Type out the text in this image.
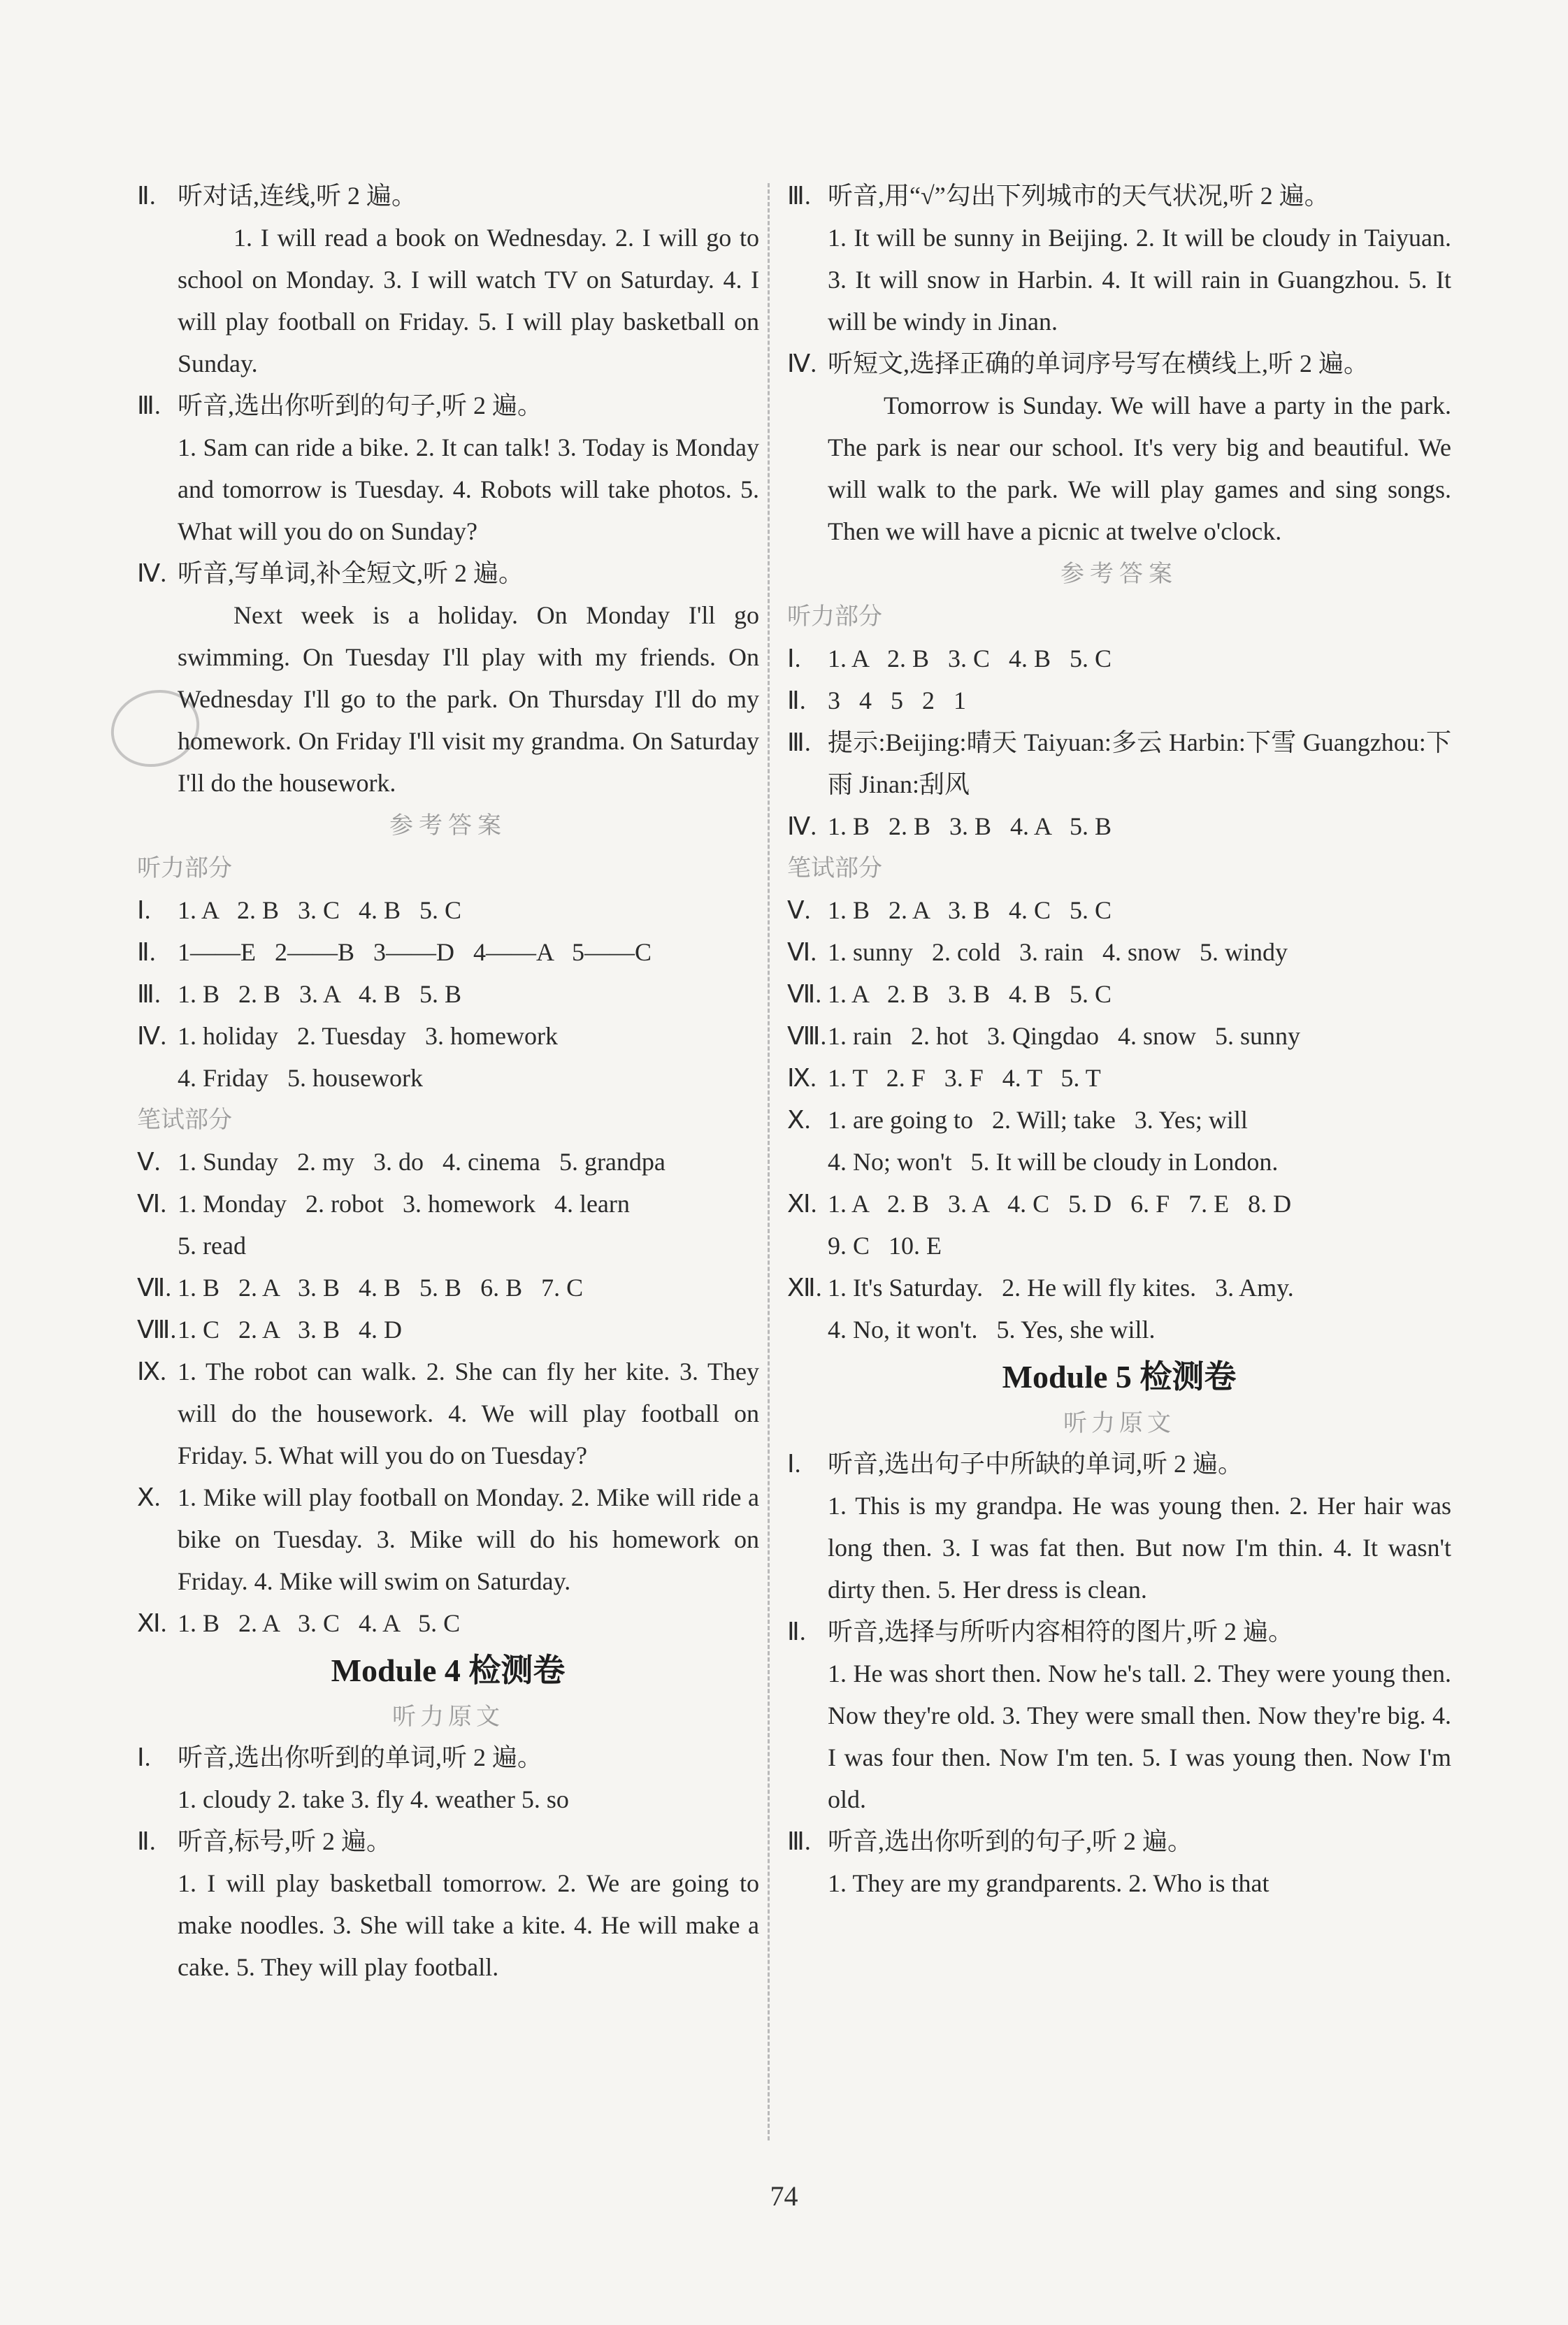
Ⅱ. 听对话,连线,听 2 遍。
1. I will read a book on Wednesday. 2. I will go to school on Monday. 3. I will watch TV on Saturday. 4. I will play football on Friday. 5. I will play basketball on Sunday.
Ⅲ. 听音,选出你听到的句子,听 2 遍。
1. Sam can ride a bike. 2. It can talk! 3. Today is Monday and tomorrow is Tuesday. 4. Robots will take photos. 5. What will you do on Sunday?
Ⅳ. 听音,写单词,补全短文,听 2 遍。
Next week is a holiday. On Monday I'll go swimming. On Tuesday I'll play with my friends. On Wednesday I'll go to the park. On Thursday I'll do my homework. On Friday I'll visit my grandma. On Saturday I'll do the housework.
参考答案
听力部分
Ⅰ. 1. A   2. B   3. C   4. B   5. C
Ⅱ. 1——E   2——B   3——D   4——A   5——C
Ⅲ. 1. B   2. B   3. A   4. B   5. B
Ⅳ. 1. holiday   2. Tuesday   3. homework
4. Friday   5. housework
笔试部分
Ⅴ. 1. Sunday   2. my   3. do   4. cinema   5. grandpa
Ⅵ. 1. Monday   2. robot   3. homework   4. learn
5. read
Ⅶ. 1. B   2. A   3. B   4. B   5. B   6. B   7. C
Ⅷ. 1. C   2. A   3. B   4. D
Ⅸ. 1. The robot can walk. 2. She can fly her kite. 3. They will do the housework. 4. We will play football on Friday. 5. What will you do on Tuesday?
Ⅹ. 1. Mike will play football on Monday. 2. Mike will ride a bike on Tuesday. 3. Mike will do his homework on Friday. 4. Mike will swim on Saturday.
Ⅺ. 1. B   2. A   3. C   4. A   5. C
Module 4 检测卷
听力原文
Ⅰ. 听音,选出你听到的单词,听 2 遍。
1. cloudy 2. take 3. fly 4. weather 5. so
Ⅱ. 听音,标号,听 2 遍。
1. I will play basketball tomorrow. 2. We are going to make noodles. 3. She will take a kite. 4. He will make a cake. 5. They will play football.
Ⅲ. 听音,用“√”勾出下列城市的天气状况,听 2 遍。
1. It will be sunny in Beijing. 2. It will be cloudy in Taiyuan. 3. It will snow in Harbin. 4. It will rain in Guangzhou. 5. It will be windy in Jinan.
Ⅳ. 听短文,选择正确的单词序号写在横线上,听 2 遍。
Tomorrow is Sunday. We will have a party in the park. The park is near our school. It's very big and beautiful. We will walk to the park. We will play games and sing songs. Then we will have a picnic at twelve o'clock.
参考答案
听力部分
Ⅰ. 1. A   2. B   3. C   4. B   5. C
Ⅱ. 3   4   5   2   1
Ⅲ. 提示:Beijing:晴天 Taiyuan:多云 Harbin:下雪 Guangzhou:下雨 Jinan:刮风
Ⅳ. 1. B   2. B   3. B   4. A   5. B
笔试部分
Ⅴ. 1. B   2. A   3. B   4. C   5. C
Ⅵ. 1. sunny   2. cold   3. rain   4. snow   5. windy
Ⅶ. 1. A   2. B   3. B   4. B   5. C
Ⅷ. 1. rain   2. hot   3. Qingdao   4. snow   5. sunny
Ⅸ. 1. T   2. F   3. F   4. T   5. T
Ⅹ. 1. are going to   2. Will; take   3. Yes; will
4. No; won't   5. It will be cloudy in London.
Ⅺ. 1. A   2. B   3. A   4. C   5. D   6. F   7. E   8. D
9. C   10. E
Ⅻ. 1. It's Saturday.   2. He will fly kites.   3. Amy.
4. No, it won't.   5. Yes, she will.
Module 5 检测卷
听力原文
Ⅰ. 听音,选出句子中所缺的单词,听 2 遍。
1. This is my grandpa. He was young then. 2. Her hair was long then. 3. I was fat then. But now I'm thin. 4. It wasn't dirty then. 5. Her dress is clean.
Ⅱ. 听音,选择与所听内容相符的图片,听 2 遍。
1. He was short then. Now he's tall. 2. They were young then. Now they're old. 3. They were small then. Now they're big. 4. I was four then. Now I'm ten. 5. I was young then. Now I'm old.
Ⅲ. 听音,选出你听到的句子,听 2 遍。
1. They are my grandparents. 2. Who is that
74
